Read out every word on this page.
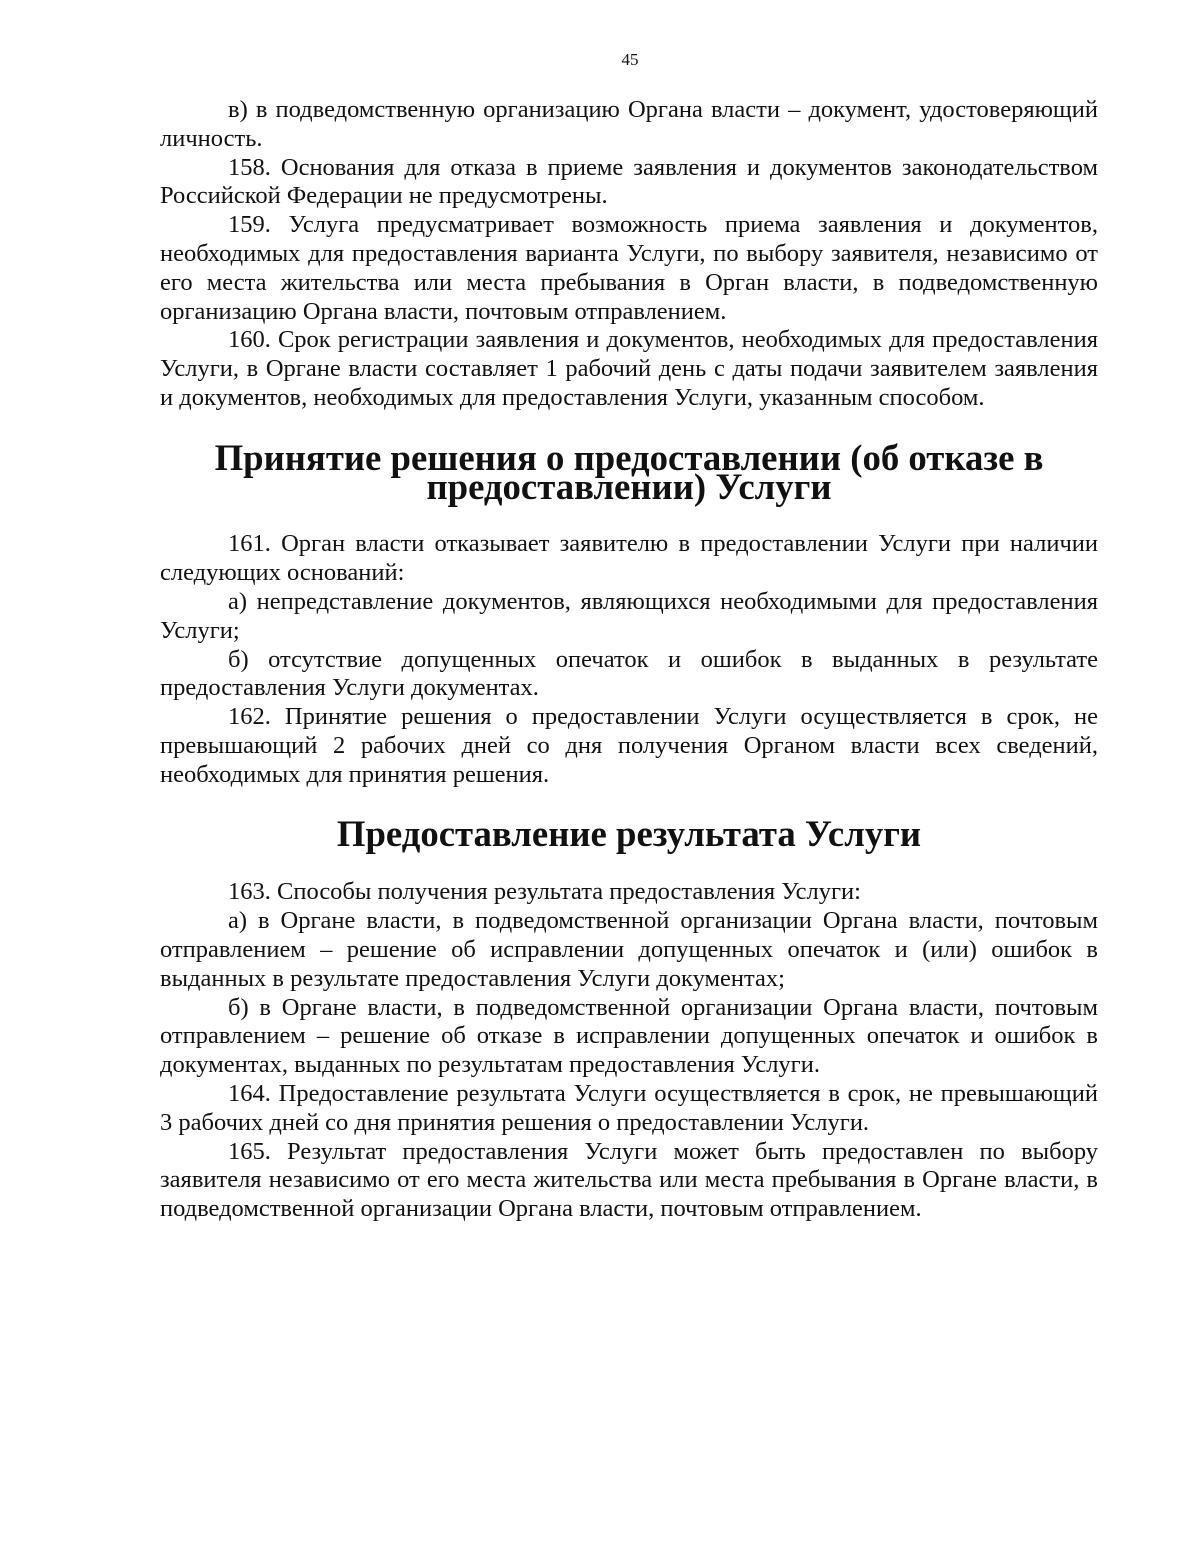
45

в) в подведомственную организацию Органа власти – документ, удостоверяющий личность.

158. Основания для отказа в приеме заявления и документов законодательством Российской Федерации не предусмотрены.

159. Услуга предусматривает возможность приема заявления и документов, необходимых для предоставления варианта Услуги, по выбору заявителя, независимо от его места жительства или места пребывания в Орган власти, в подведомственную организацию Органа власти, почтовым отправлением.

160. Срок регистрации заявления и документов, необходимых для предоставления Услуги, в Органе власти составляет 1 рабочий день с даты подачи заявителем заявления и документов, необходимых для предоставления Услуги, указанным способом.

Принятие решения о предоставлении (об отказе в предоставлении) Услуги

161. Орган власти отказывает заявителю в предоставлении Услуги при наличии следующих оснований:

а) непредставление документов, являющихся необходимыми для предоставления Услуги;

б) отсутствие допущенных опечаток и ошибок в выданных в результате предоставления Услуги документах.

162. Принятие решения о предоставлении Услуги осуществляется в срок, не превышающий 2 рабочих дней со дня получения Органом власти всех сведений, необходимых для принятия решения.

Предоставление результата Услуги

163. Способы получения результата предоставления Услуги:

а) в Органе власти, в подведомственной организации Органа власти, почтовым отправлением – решение об исправлении допущенных опечаток и (или) ошибок в выданных в результате предоставления Услуги документах;

б) в Органе власти, в подведомственной организации Органа власти, почтовым отправлением – решение об отказе в исправлении допущенных опечаток и ошибок в документах, выданных по результатам предоставления Услуги.

164. Предоставление результата Услуги осуществляется в срок, не превышающий 3 рабочих дней со дня принятия решения о предоставлении Услуги.

165. Результат предоставления Услуги может быть предоставлен по выбору заявителя независимо от его места жительства или места пребывания в Органе власти, в подведомственной организации Органа власти, почтовым отправлением.
